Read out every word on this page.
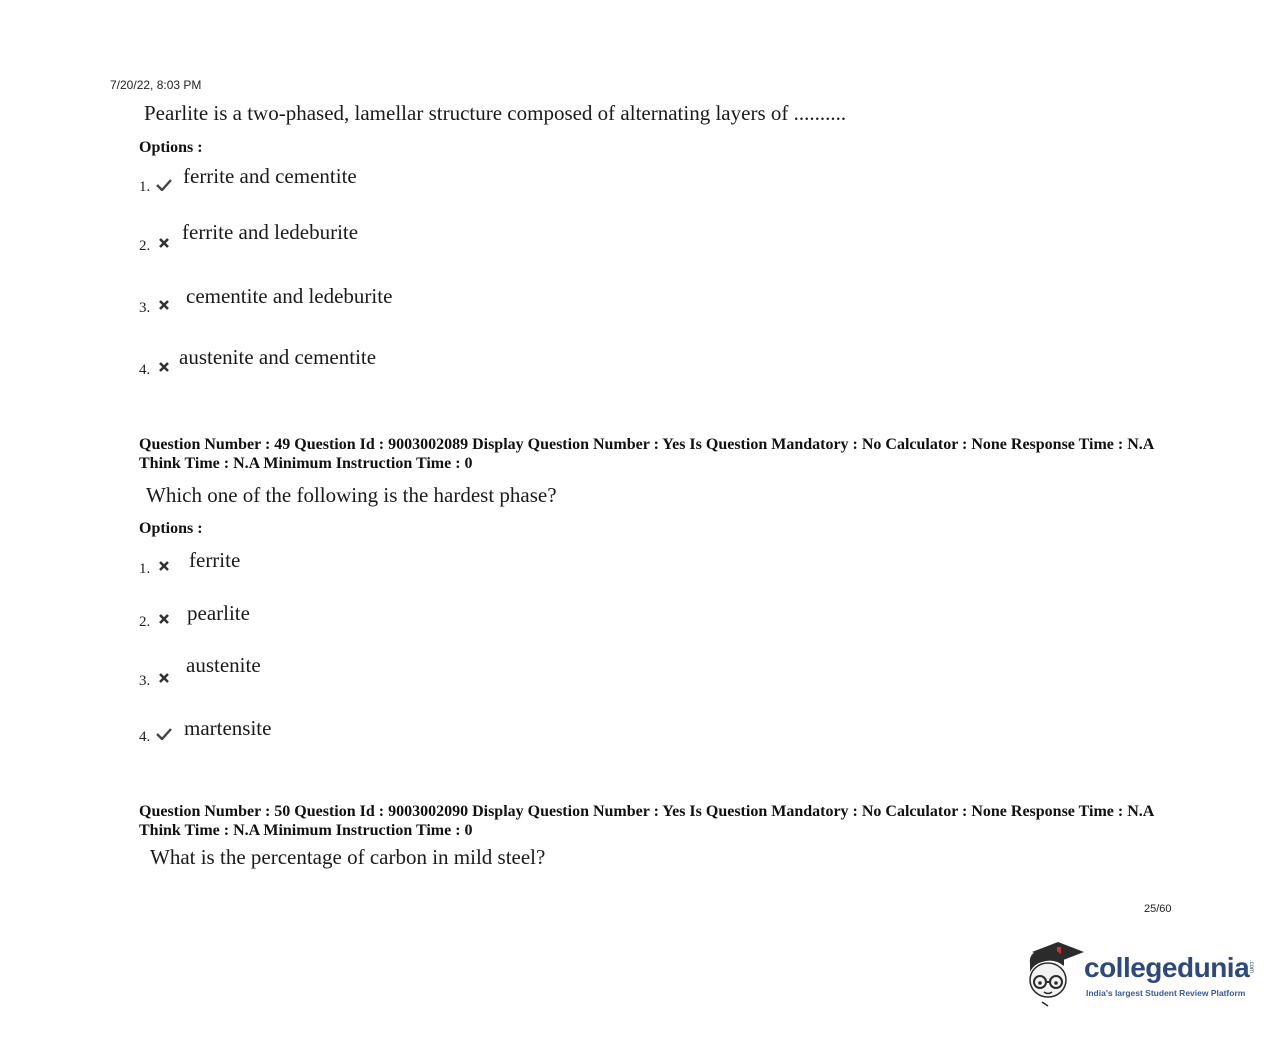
7/20/22, 8:03 PM
Pearlite is a two-phased, lamellar structure composed of alternating layers of ..........
Options :
1. ferrite and cementite
2.
ferrite and ledeburite
3. cementite and ledeburite
4.
austenite and cementite
Question Number : 49 Question Id : 9003002089 Display Question Number : Yes Is Question Mandatory : No Calculator : None Response Time : N.A Think Time : N.A Minimum Instruction Time : 0
Which one of the following is the hardest phase?
Options :
1. ferrite
2. pearlite
3.
austenite
4. martensite
Question Number : 50 Question Id : 9003002090 Display Question Number : Yes Is Question Mandatory : No Calculator : None Response Time : N.A Think Time : N.A Minimum Instruction Time : 0
What is the percentage of carbon in mild steel?
25/60
collegedunia
.com
India's largest Student Review Platform
